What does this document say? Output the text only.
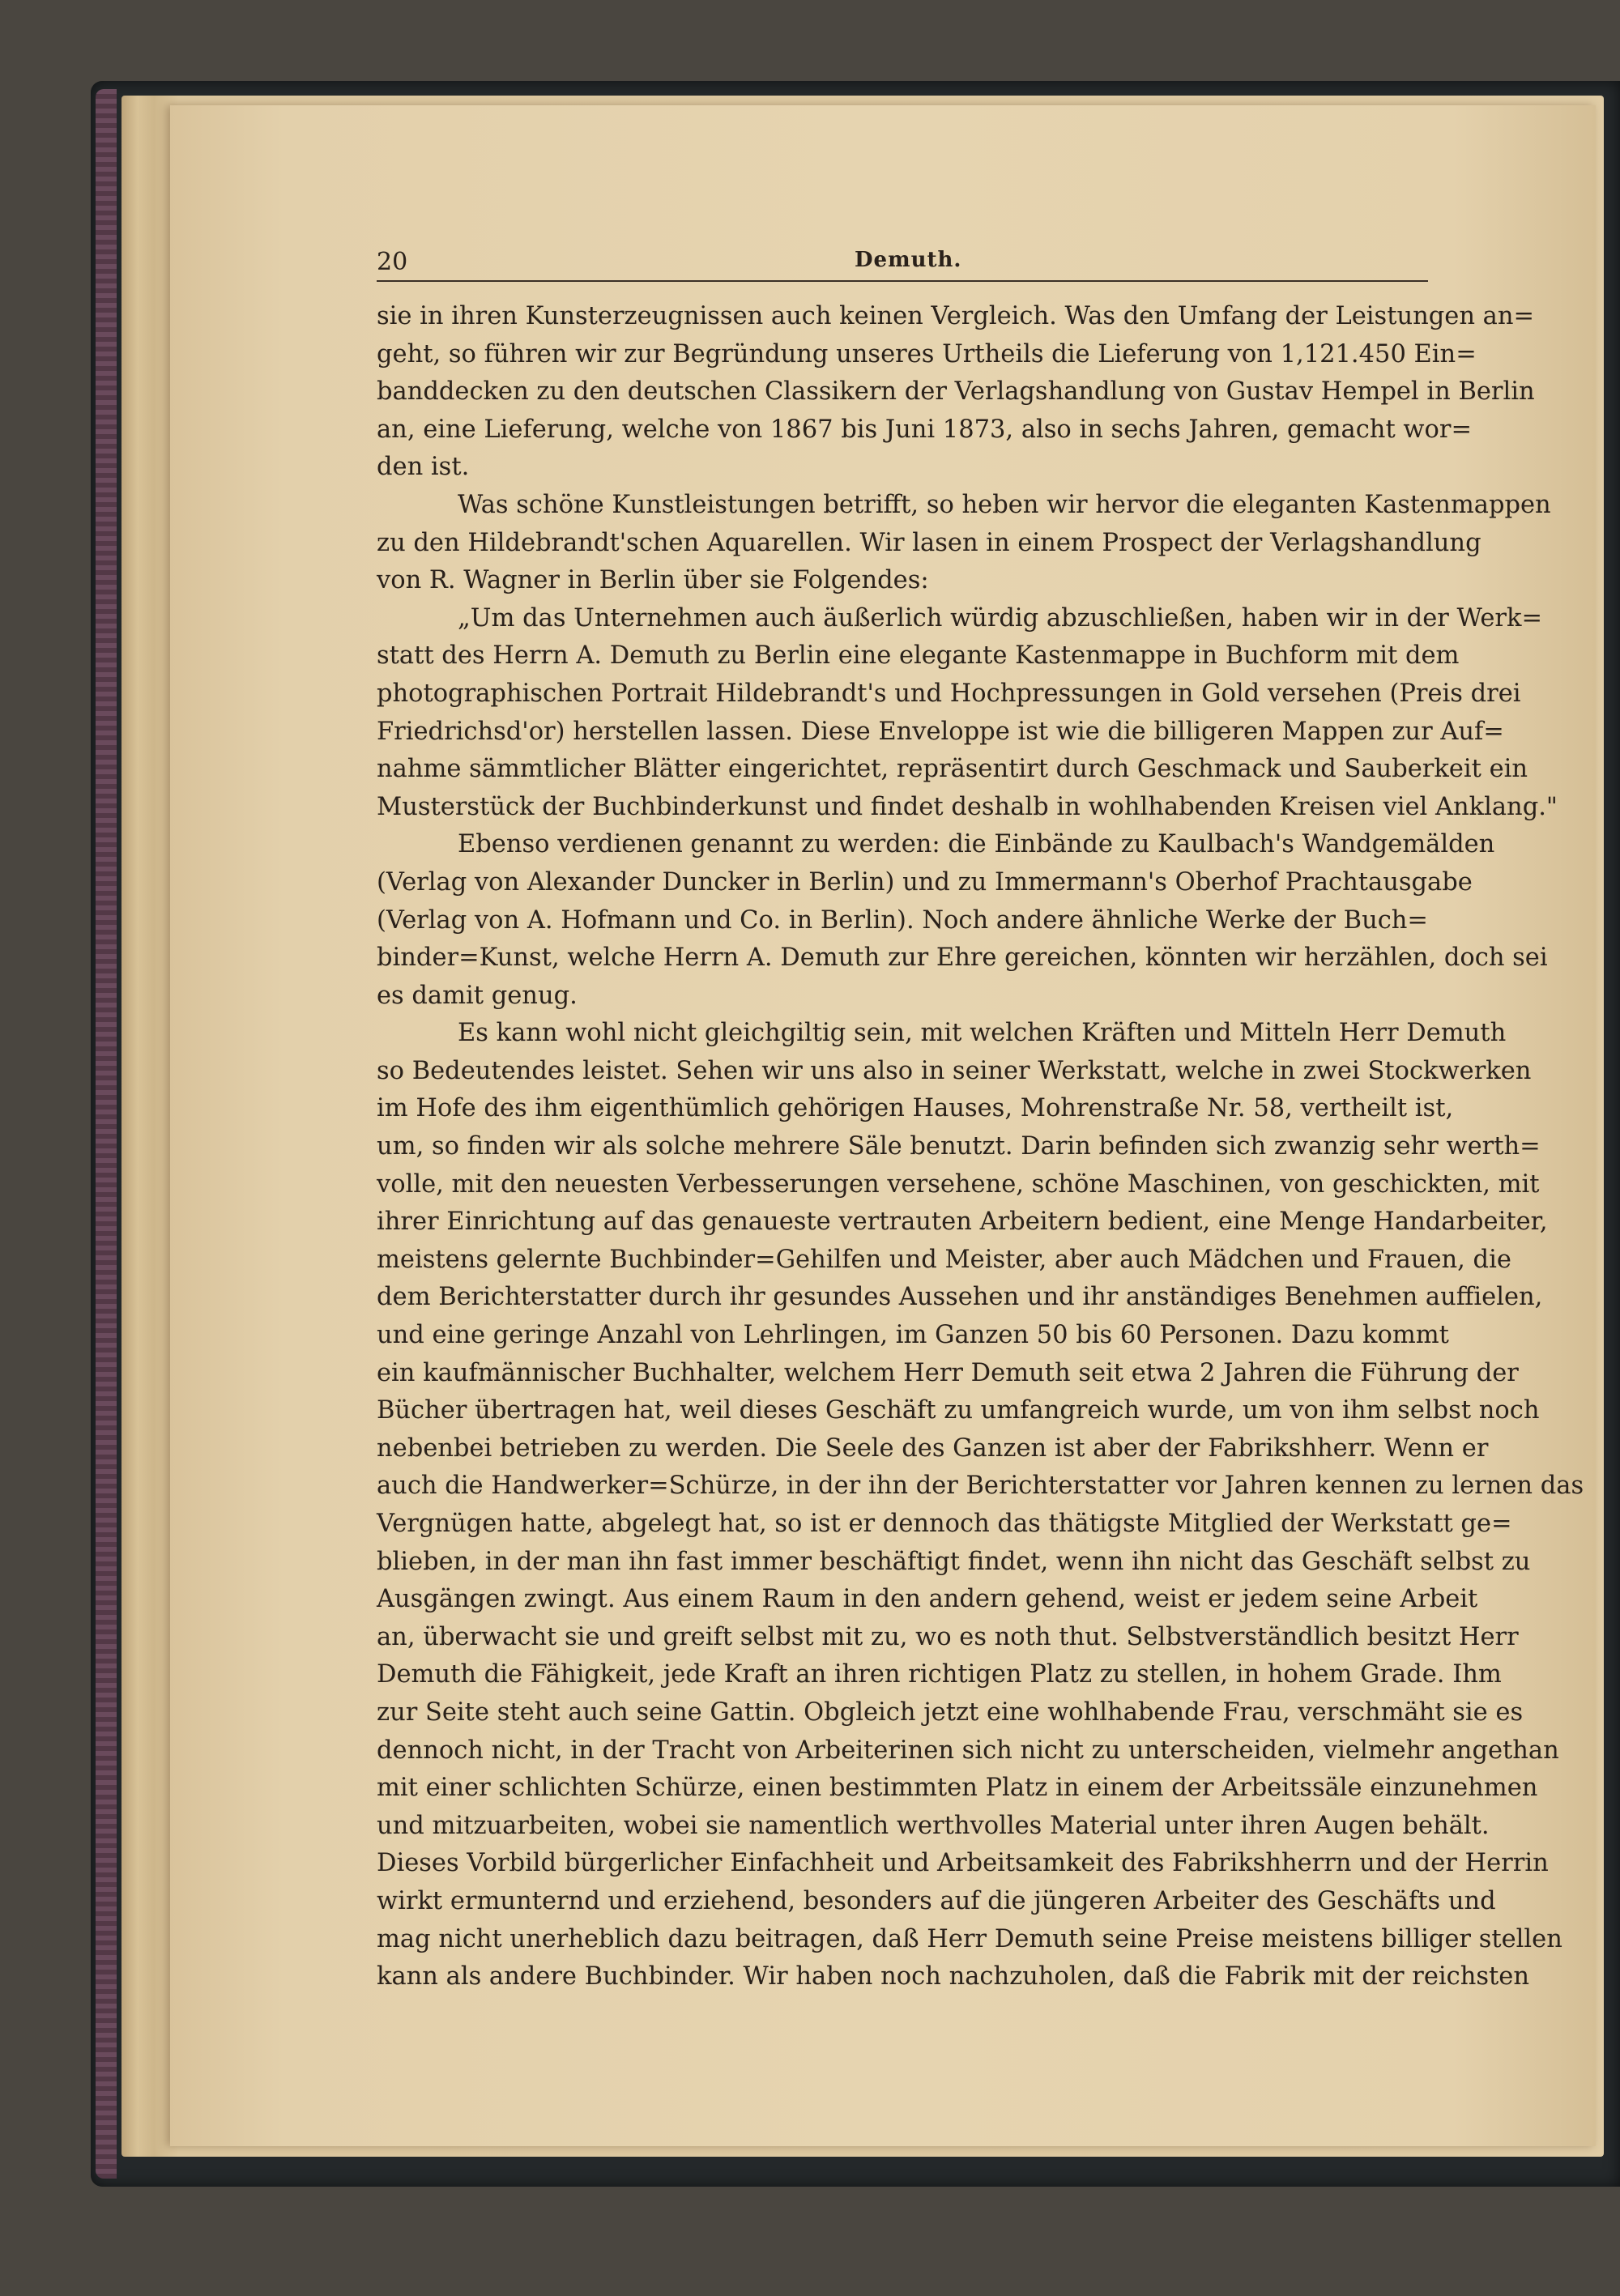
20	Demuth.
sie in ihren Kunsterzeugnissen auch keinen Vergleich. Was den Umfang der Leistungen an=
geht, so führen wir zur Begründung unseres Urtheils die Lieferung von 1,121.450 Ein=
banddecken zu den deutschen Classikern der Verlagshandlung von Gustav Hempel in Berlin
an, eine Lieferung, welche von 1867 bis Juni 1873, also in sechs Jahren, gemacht wor=
den ist.
Was schöne Kunstleistungen betrifft, so heben wir hervor die eleganten Kastenmappen
zu den Hildebrandt'schen Aquarellen. Wir lasen in einem Prospect der Verlagshandlung
von R. Wagner in Berlin über sie Folgendes:
„Um das Unternehmen auch äußerlich würdig abzuschließen, haben wir in der Werk=
statt des Herrn A. Demuth zu Berlin eine elegante Kastenmappe in Buchform mit dem
photographischen Portrait Hildebrandt's und Hochpressungen in Gold versehen (Preis drei
Friedrichsd'or) herstellen lassen. Diese Enveloppe ist wie die billigeren Mappen zur Auf=
nahme sämmtlicher Blätter eingerichtet, repräsentirt durch Geschmack und Sauberkeit ein
Musterstück der Buchbinderkunst und findet deshalb in wohlhabenden Kreisen viel Anklang."
Ebenso verdienen genannt zu werden: die Einbände zu Kaulbach's Wandgemälden
(Verlag von Alexander Duncker in Berlin) und zu Immermann's Oberhof Prachtausgabe
(Verlag von A. Hofmann und Co. in Berlin). Noch andere ähnliche Werke der Buch=
binder=Kunst, welche Herrn A. Demuth zur Ehre gereichen, könnten wir herzählen, doch sei
es damit genug.
Es kann wohl nicht gleichgiltig sein, mit welchen Kräften und Mitteln Herr Demuth
so Bedeutendes leistet. Sehen wir uns also in seiner Werkstatt, welche in zwei Stockwerken
im Hofe des ihm eigenthümlich gehörigen Hauses, Mohrenstraße Nr. 58, vertheilt ist,
um, so finden wir als solche mehrere Säle benutzt. Darin befinden sich zwanzig sehr werth=
volle, mit den neuesten Verbesserungen versehene, schöne Maschinen, von geschickten, mit
ihrer Einrichtung auf das genaueste vertrauten Arbeitern bedient, eine Menge Handarbeiter,
meistens gelernte Buchbinder=Gehilfen und Meister, aber auch Mädchen und Frauen, die
dem Berichterstatter durch ihr gesundes Aussehen und ihr anständiges Benehmen auffielen,
und eine geringe Anzahl von Lehrlingen, im Ganzen 50 bis 60 Personen. Dazu kommt
ein kaufmännischer Buchhalter, welchem Herr Demuth seit etwa 2 Jahren die Führung der
Bücher übertragen hat, weil dieses Geschäft zu umfangreich wurde, um von ihm selbst noch
nebenbei betrieben zu werden. Die Seele des Ganzen ist aber der Fabrikshherr. Wenn er
auch die Handwerker=Schürze, in der ihn der Berichterstatter vor Jahren kennen zu lernen das
Vergnügen hatte, abgelegt hat, so ist er dennoch das thätigste Mitglied der Werkstatt ge=
blieben, in der man ihn fast immer beschäftigt findet, wenn ihn nicht das Geschäft selbst zu
Ausgängen zwingt. Aus einem Raum in den andern gehend, weist er jedem seine Arbeit
an, überwacht sie und greift selbst mit zu, wo es noth thut. Selbstverständlich besitzt Herr
Demuth die Fähigkeit, jede Kraft an ihren richtigen Platz zu stellen, in hohem Grade. Ihm
zur Seite steht auch seine Gattin. Obgleich jetzt eine wohlhabende Frau, verschmäht sie es
dennoch nicht, in der Tracht von Arbeiterinen sich nicht zu unterscheiden, vielmehr angethan
mit einer schlichten Schürze, einen bestimmten Platz in einem der Arbeitssäle einzunehmen
und mitzuarbeiten, wobei sie namentlich werthvolles Material unter ihren Augen behält.
Dieses Vorbild bürgerlicher Einfachheit und Arbeitsamkeit des Fabrikshherrn und der Herrin
wirkt ermunternd und erziehend, besonders auf die jüngeren Arbeiter des Geschäfts und
mag nicht unerheblich dazu beitragen, daß Herr Demuth seine Preise meistens billiger stellen
kann als andere Buchbinder. Wir haben noch nachzuholen, daß die Fabrik mit der reichsten
